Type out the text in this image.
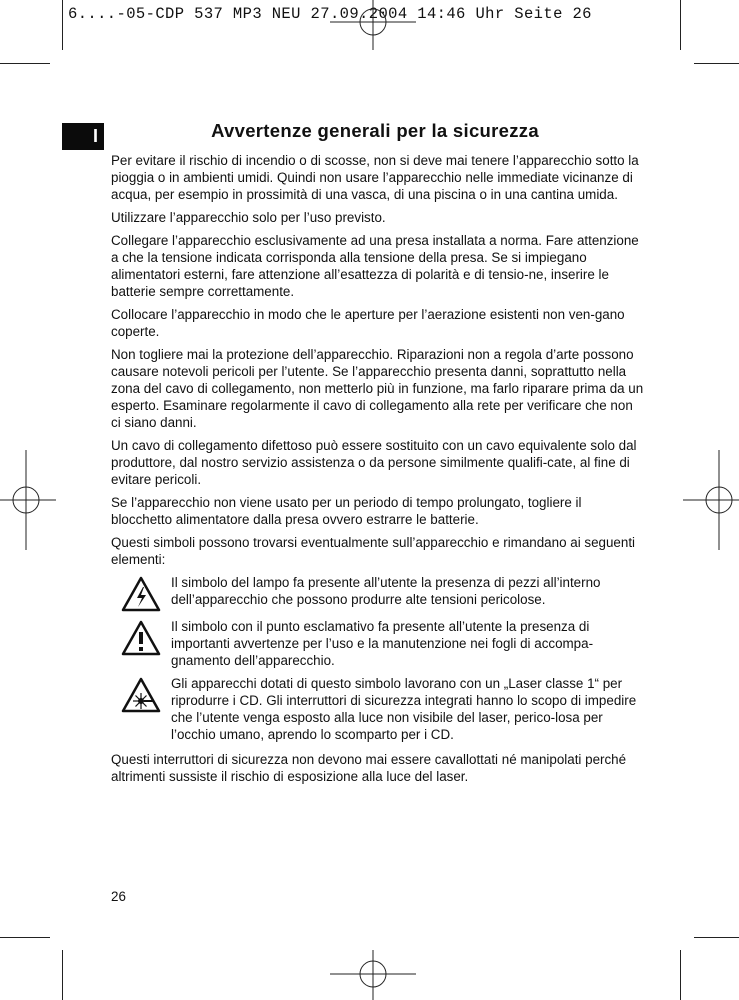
6....-05-CDP 537 MP3 NEU 27.09.2004 14:46 Uhr Seite 26
I	Avvertenze generali per la sicurezza

Per evitare il rischio di incendio o di scosse, non si deve mai tenere l’apparecchio sotto la pioggia o in ambienti umidi. Quindi non usare l’apparecchio nelle immediate vicinanze di acqua, per esempio in prossimità di una vasca, di una piscina o in una cantina umida.

Utilizzare l’apparecchio solo per l’uso previsto.

Collegare l’apparecchio esclusivamente ad una presa installata a norma. Fare attenzione a che la tensione indicata corrisponda alla tensione della presa. Se si impiegano alimentatori esterni, fare attenzione all’esattezza di polarità e di tensio-ne, inserire le batterie sempre correttamente.

Collocare l’apparecchio in modo che le aperture per l’aerazione esistenti non ven-gano coperte.

Non togliere mai la protezione dell’apparecchio. Riparazioni non a regola d’arte possono causare notevoli pericoli per l’utente. Se l’apparecchio presenta danni, soprattutto nella zona del cavo di collegamento, non metterlo più in funzione, ma farlo riparare prima da un esperto. Esaminare regolarmente il cavo di collegamento alla rete per verificare che non ci siano danni.

Un cavo di collegamento difettoso può essere sostituito con un cavo equivalente solo dal produttore, dal nostro servizio assistenza o da persone similmente qualifi-cate, al fine di evitare pericoli.

Se l’apparecchio non viene usato per un periodo di tempo prolungato, togliere il blocchetto alimentatore dalla presa ovvero estrarre le batterie.

Questi simboli possono trovarsi eventualmente sull’apparecchio e rimandano ai seguenti elementi:

Il simbolo del lampo fa presente all’utente la presenza di pezzi all’interno dell’apparecchio che possono produrre alte tensioni pericolose.
Il simbolo con il punto esclamativo fa presente all’utente la presenza di importanti avvertenze per l’uso e la manutenzione nei fogli di accompa-gnamento dell’apparecchio.
Gli apparecchi dotati di questo simbolo lavorano con un „Laser classe 1“ per riprodurre i CD. Gli interruttori di sicurezza integrati hanno lo scopo di impedire che l’utente venga esposto alla luce non visibile del laser, perico-losa per l’occhio umano, aprendo lo scomparto per i CD.

Questi interruttori di sicurezza non devono mai essere cavallottati né manipolati perché altrimenti sussiste il rischio di esposizione alla luce del laser.

26
